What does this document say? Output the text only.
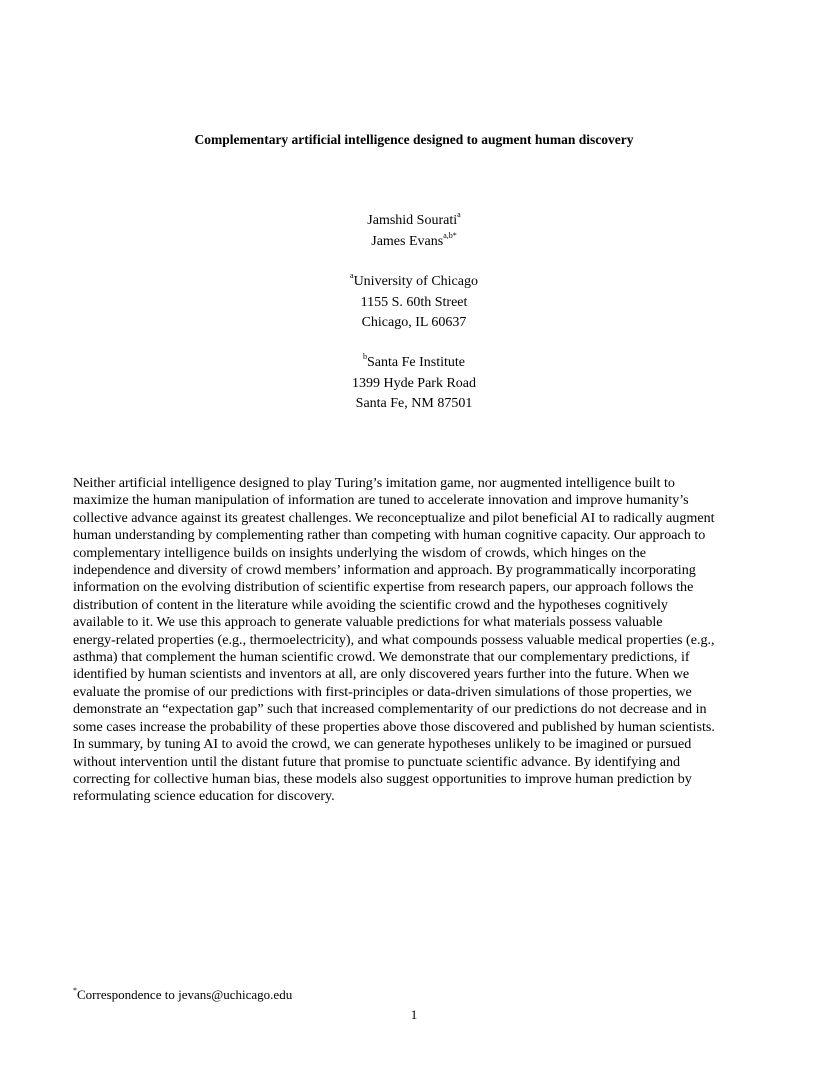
Complementary artificial intelligence designed to augment human discovery
Jamshid Sourati$^a$
James Evans$^{a,b*}$
$^a$University of Chicago
1155 S. 60th Street
Chicago, IL 60637
$^b$Santa Fe Institute
1399 Hyde Park Road
Santa Fe, NM 87501
Neither artificial intelligence designed to play Turing’s imitation game, nor augmented intelligence built to
maximize the human manipulation of information are tuned to accelerate innovation and improve humanity’s
collective advance against its greatest challenges. We reconceptualize and pilot beneficial AI to radically augment
human understanding by complementing rather than competing with human cognitive capacity. Our approach to
complementary intelligence builds on insights underlying the wisdom of crowds, which hinges on the
independence and diversity of crowd members’ information and approach. By programmatically incorporating
information on the evolving distribution of scientific expertise from research papers, our approach follows the
distribution of content in the literature while avoiding the scientific crowd and the hypotheses cognitively
available to it. We use this approach to generate valuable predictions for what materials possess valuable
energy-related properties (e.g., thermoelectricity), and what compounds possess valuable medical properties (e.g.,
asthma) that complement the human scientific crowd. We demonstrate that our complementary predictions, if
identified by human scientists and inventors at all, are only discovered years further into the future. When we
evaluate the promise of our predictions with first-principles or data-driven simulations of those properties, we
demonstrate an “expectation gap” such that increased complementarity of our predictions do not decrease and in
some cases increase the probability of these properties above those discovered and published by human scientists.
In summary, by tuning AI to avoid the crowd, we can generate hypotheses unlikely to be imagined or pursued
without intervention until the distant future that promise to punctuate scientific advance. By identifying and
correcting for collective human bias, these models also suggest opportunities to improve human prediction by
reformulating science education for discovery.
*Correspondence to jevans@uchicago.edu
1
